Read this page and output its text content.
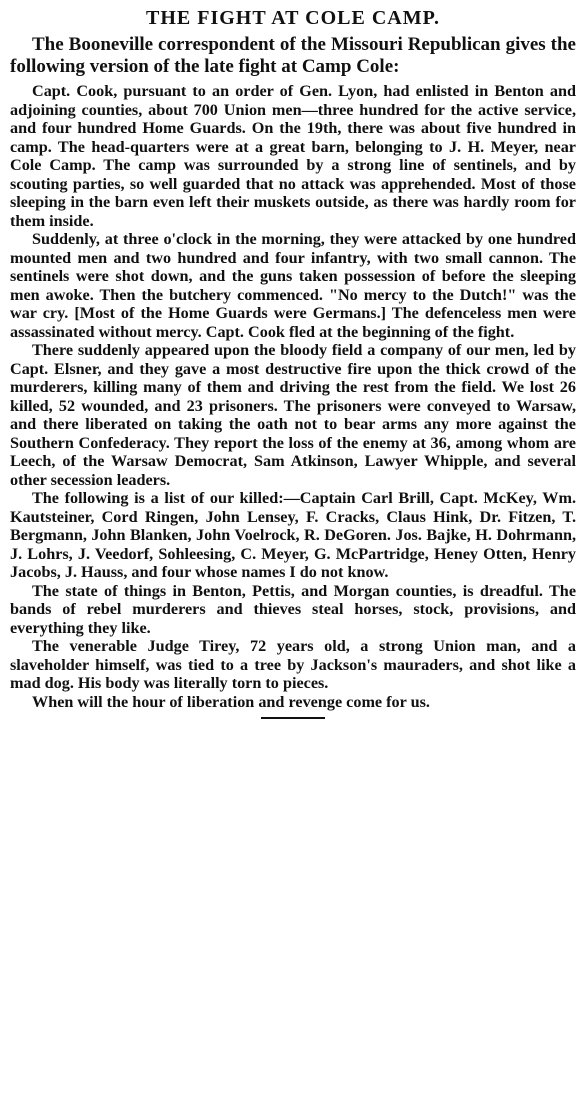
THE FIGHT AT COLE CAMP.

The Booneville correspondent of the Missouri Republican gives the following version of the late fight at Camp Cole:

Capt. Cook, pursuant to an order of Gen. Lyon, had enlisted in Benton and adjoining counties, about 700 Union men—three hundred for the active service, and four hundred Home Guards. On the 19th, there was about five hundred in camp. The head-quarters were at a great barn, belonging to J. H. Meyer, near Cole Camp. The camp was surrounded by a strong line of sentinels, and by scouting parties, so well guarded that no attack was apprehended. Most of those sleeping in the barn even left their muskets outside, as there was hardly room for them inside.

Suddenly, at three o'clock in the morning, they were attacked by one hundred mounted men and two hundred and four infantry, with two small cannon. The sentinels were shot down, and the guns taken possession of before the sleeping men awoke. Then the butchery commenced. "No mercy to the Dutch!" was the war cry. [Most of the Home Guards were Germans.] The defenceless men were assassinated without mercy. Capt. Cook fled at the beginning of the fight.

There suddenly appeared upon the bloody field a company of our men, led by Capt. Elsner, and they gave a most destructive fire upon the thick crowd of the murderers, killing many of them and driving the rest from the field. We lost 26 killed, 52 wounded, and 23 prisoners. The prisoners were conveyed to Warsaw, and there liberated on taking the oath not to bear arms any more against the Southern Confederacy. They report the loss of the enemy at 36, among whom are Leech, of the Warsaw Democrat, Sam Atkinson, Lawyer Whipple, and several other secession leaders.

The following is a list of our killed:—Captain Carl Brill, Capt. McKey, Wm. Kautsteiner, Cord Ringen, John Lensey, F. Cracks, Claus Hink, Dr. Fitzen, T. Bergmann, John Blanken, John Voelrock, R. DeGoren. Jos. Bajke, H. Dohrmann, J. Lohrs, J. Veedorf, Sohleesing, C. Meyer, G. McPartridge, Heney Otten, Henry Jacobs, J. Hauss, and four whose names I do not know.

The state of things in Benton, Pettis, and Morgan counties, is dreadful. The bands of rebel murderers and thieves steal horses, stock, provisions, and everything they like.

The venerable Judge Tirey, 72 years old, a strong Union man, and a slaveholder himself, was tied to a tree by Jackson's mauraders, and shot like a mad dog. His body was literally torn to pieces.

When will the hour of liberation and revenge come for us.
